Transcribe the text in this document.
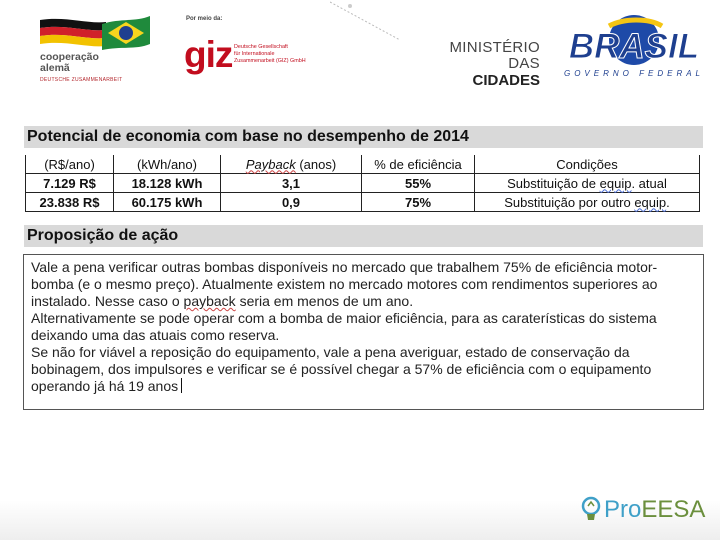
cooperação
alemã
DEUTSCHE ZUSAMMENARBEIT
Por meio da:
giz Deutsche Gesellschaft
für Internationale
Zusammenarbeit (GIZ) GmbH
MINISTÉRIO DAS
CIDADES
BRASIL
GOVERNO FEDERAL
Potencial de economia com base no desempenho de 2014
(R$/ano)	(kWh/ano)	Payback (anos)	% de eficiência	Condições
7.129 R$	18.128 kWh	3,1	55%	Substituição de equip. atual
23.838 R$	60.175 kWh	0,9	75%	Substituição por outro equip.
Proposição de ação

Vale a pena verificar outras bombas disponíveis no mercado que trabalhem 75% de eficiência motor-bomba (e o mesmo preço). Atualmente existem no mercado motores com rendimentos superiores ao instalado. Nesse caso o payback seria em menos de um ano.

Alternativamente se pode operar com a bomba de maior eficiência, para as caraterísticas do sistema deixando uma das atuais como reserva.

Se não for viável a reposição do equipamento, vale a pena averiguar, estado de conservação da bobinagem, dos impulsores e verificar se é possível chegar a 57% de eficiência com o equipamento operando já há 19 anos

ProEESA
